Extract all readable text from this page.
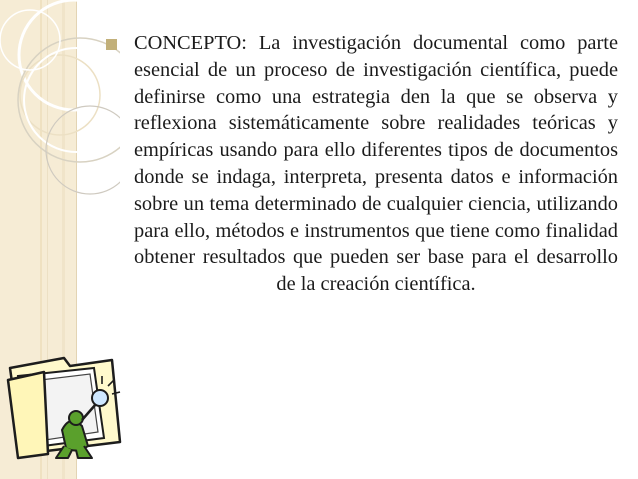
CONCEPTO: La investigación documental como parte esencial de un proceso de investigación científica, puede definirse como una estrategia den la que se observa y reflexiona sistemáticamente sobre realidades teóricas y empíricas usando para ello diferentes tipos de documentos donde se indaga, interpreta, presenta datos e información sobre un tema determinado de cualquier ciencia, utilizando para ello, métodos e instrumentos que tiene como finalidad obtener resultados que pueden ser base para el desarrollo de la creación científica.
